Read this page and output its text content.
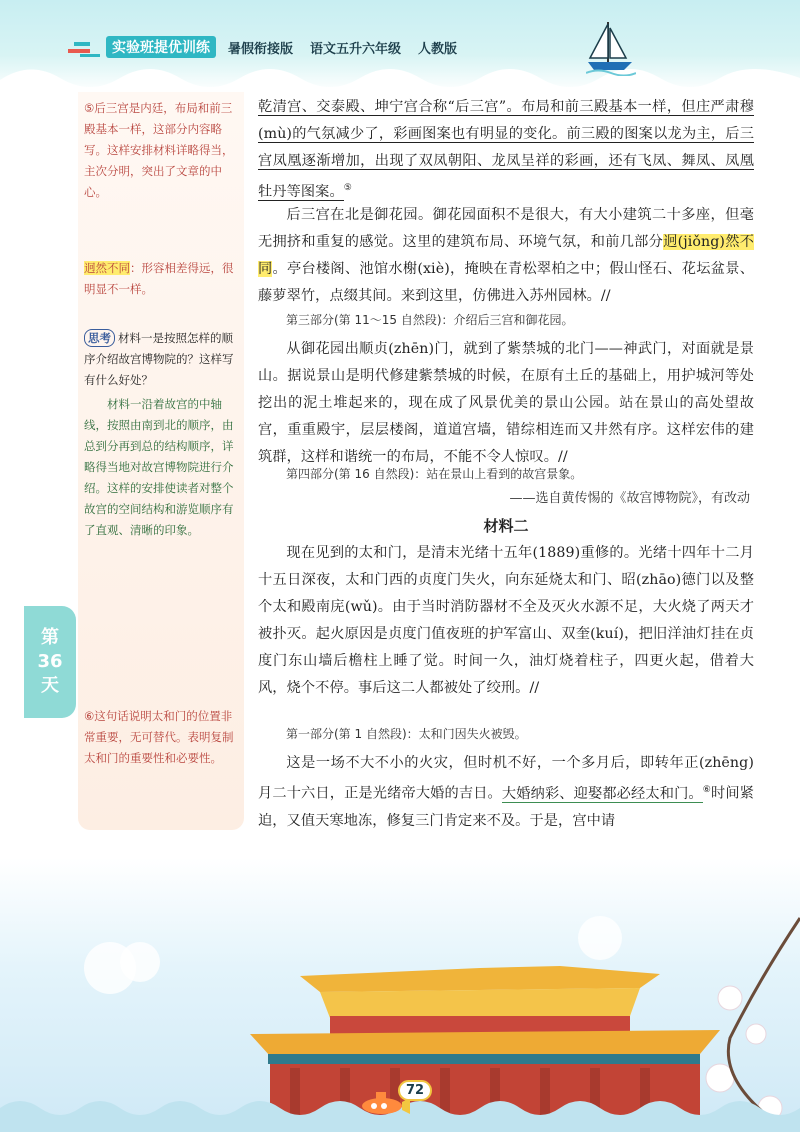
实验班提优训练	暑假衔接版 语文五升六年级 人教版
⑤后三宫是内廷，布局和前三殿基本一样，这部分内容略写。这样安排材料详略得当，主次分明，突出了文章的中心。
迥然不同：形容相差得远，很明显不一样。
思考 材料一是按照怎样的顺序介绍故宫博物院的？这样写有什么好处？
材料一沿着故宫的中轴线，按照由南到北的顺序，由总到分再到总的结构顺序，详略得当地对故宫博物院进行介绍。这样的安排使读者对整个故宫的空间结构和游览顺序有了直观、清晰的印象。
⑥这句话说明太和门的位置非常重要，无可替代。表明复制太和门的重要性和必要性。
第
36
天

乾清宫、交泰殿、坤宁宫合称“后三宫”。布局和前三殿基本一样，但庄严肃穆(mù)的气氛减少了，彩画图案也有明显的变化。前三殿的图案以龙为主，后三宫凤凰逐渐增加，出现了双凤朝阳、龙凤呈祥的彩画，还有飞凤、舞凤、凤凰牡丹等图案。⑤

后三宫在北是御花园。御花园面积不是很大，有大小建筑二十多座，但毫无拥挤和重复的感觉。这里的建筑布局、环境气氛，和前几部分迥(jiǒng)然不同。亭台楼阁、池馆水榭(xiè)，掩映在青松翠柏之中；假山怪石、花坛盆景、藤萝翠竹，点缀其间。来到这里，仿佛进入苏州园林。//

第三部分(第 11～15 自然段)：介绍后三宫和御花园。

从御花园出顺贞(zhēn)门，就到了紫禁城的北门——神武门，对面就是景山。据说景山是明代修建紫禁城的时候，在原有土丘的基础上，用护城河等处挖出的泥土堆起来的，现在成了风景优美的景山公园。站在景山的高处望故宫，重重殿宇，层层楼阁，道道宫墙，错综相连而又井然有序。这样宏伟的建筑群，这样和谐统一的布局，不能不令人惊叹。//

第四部分(第 16 自然段)：站在景山上看到的故宫景象。
——选自黄传惕的《故宫博物院》，有改动
材料二

现在见到的太和门，是清末光绪十五年(1889)重修的。光绪十四年十二月十五日深夜，太和门西的贞度门失火，向东延烧太和门、昭(zhāo)德门以及整个太和殿南庑(wǔ)。由于当时消防器材不全及灭火水源不足，大火烧了两天才被扑灭。起火原因是贞度门值夜班的护军富山、双奎(kuí)，把旧洋油灯挂在贞度门东山墙后檐柱上睡了觉。时间一久，油灯烧着柱子，四更火起，借着大风，烧个不停。事后这二人都被处了绞刑。//

第一部分(第 1 自然段)：太和门因失火被毁。

这是一场不大不小的火灾，但时机不好，一个多月后，即转年正(zhēng)月二十六日，正是光绪帝大婚的吉日。大婚纳彩、迎娶都必经太和门。⑥时间紧迫，又值天寒地冻，修复三门肯定来不及。于是，宫中请

72
